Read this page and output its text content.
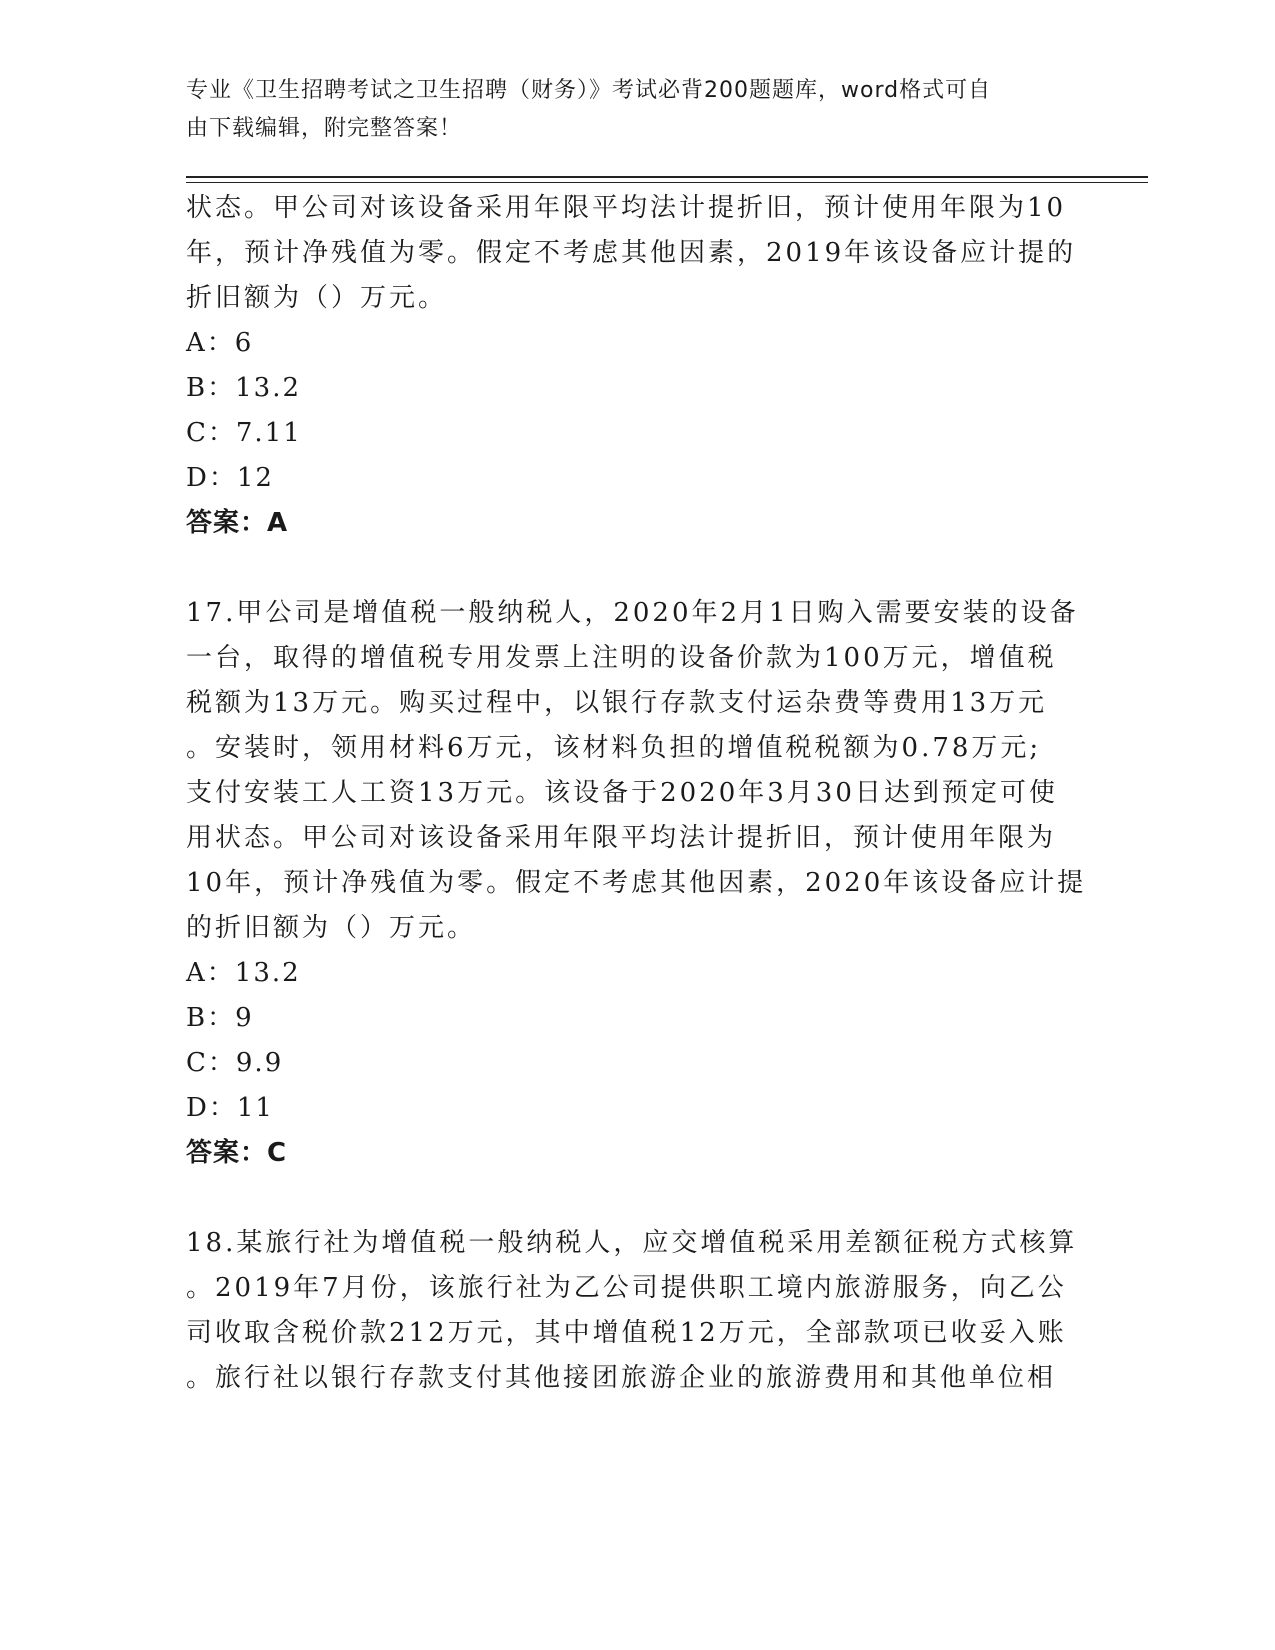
专业《卫生招聘考试之卫生招聘（财务）》考试必背200题题库，word格式可自
由下载编辑，附完整答案！
状态。甲公司对该设备采用年限平均法计提折旧，预计使用年限为10
年，预计净残值为零。假定不考虑其他因素，2019年该设备应计提的
折旧额为（）万元。
A：6
B：13.2
C：7.11
D：12
答案：A
17.甲公司是增值税一般纳税人，2020年2月1日购入需要安装的设备
一台，取得的增值税专用发票上注明的设备价款为100万元，增值税
税额为13万元。购买过程中，以银行存款支付运杂费等费用13万元
。安装时，领用材料6万元，该材料负担的增值税税额为0.78万元;
支付安装工人工资13万元。该设备于2020年3月30日达到预定可使
用状态。甲公司对该设备采用年限平均法计提折旧，预计使用年限为
10年，预计净残值为零。假定不考虑其他因素，2020年该设备应计提
的折旧额为（）万元。
A：13.2
B：9
C：9.9
D：11
答案：C
18.某旅行社为增值税一般纳税人，应交增值税采用差额征税方式核算
。2019年7月份，该旅行社为乙公司提供职工境内旅游服务，向乙公
司收取含税价款212万元，其中增值税12万元，全部款项已收妥入账
。旅行社以银行存款支付其他接团旅游企业的旅游费用和其他单位相
